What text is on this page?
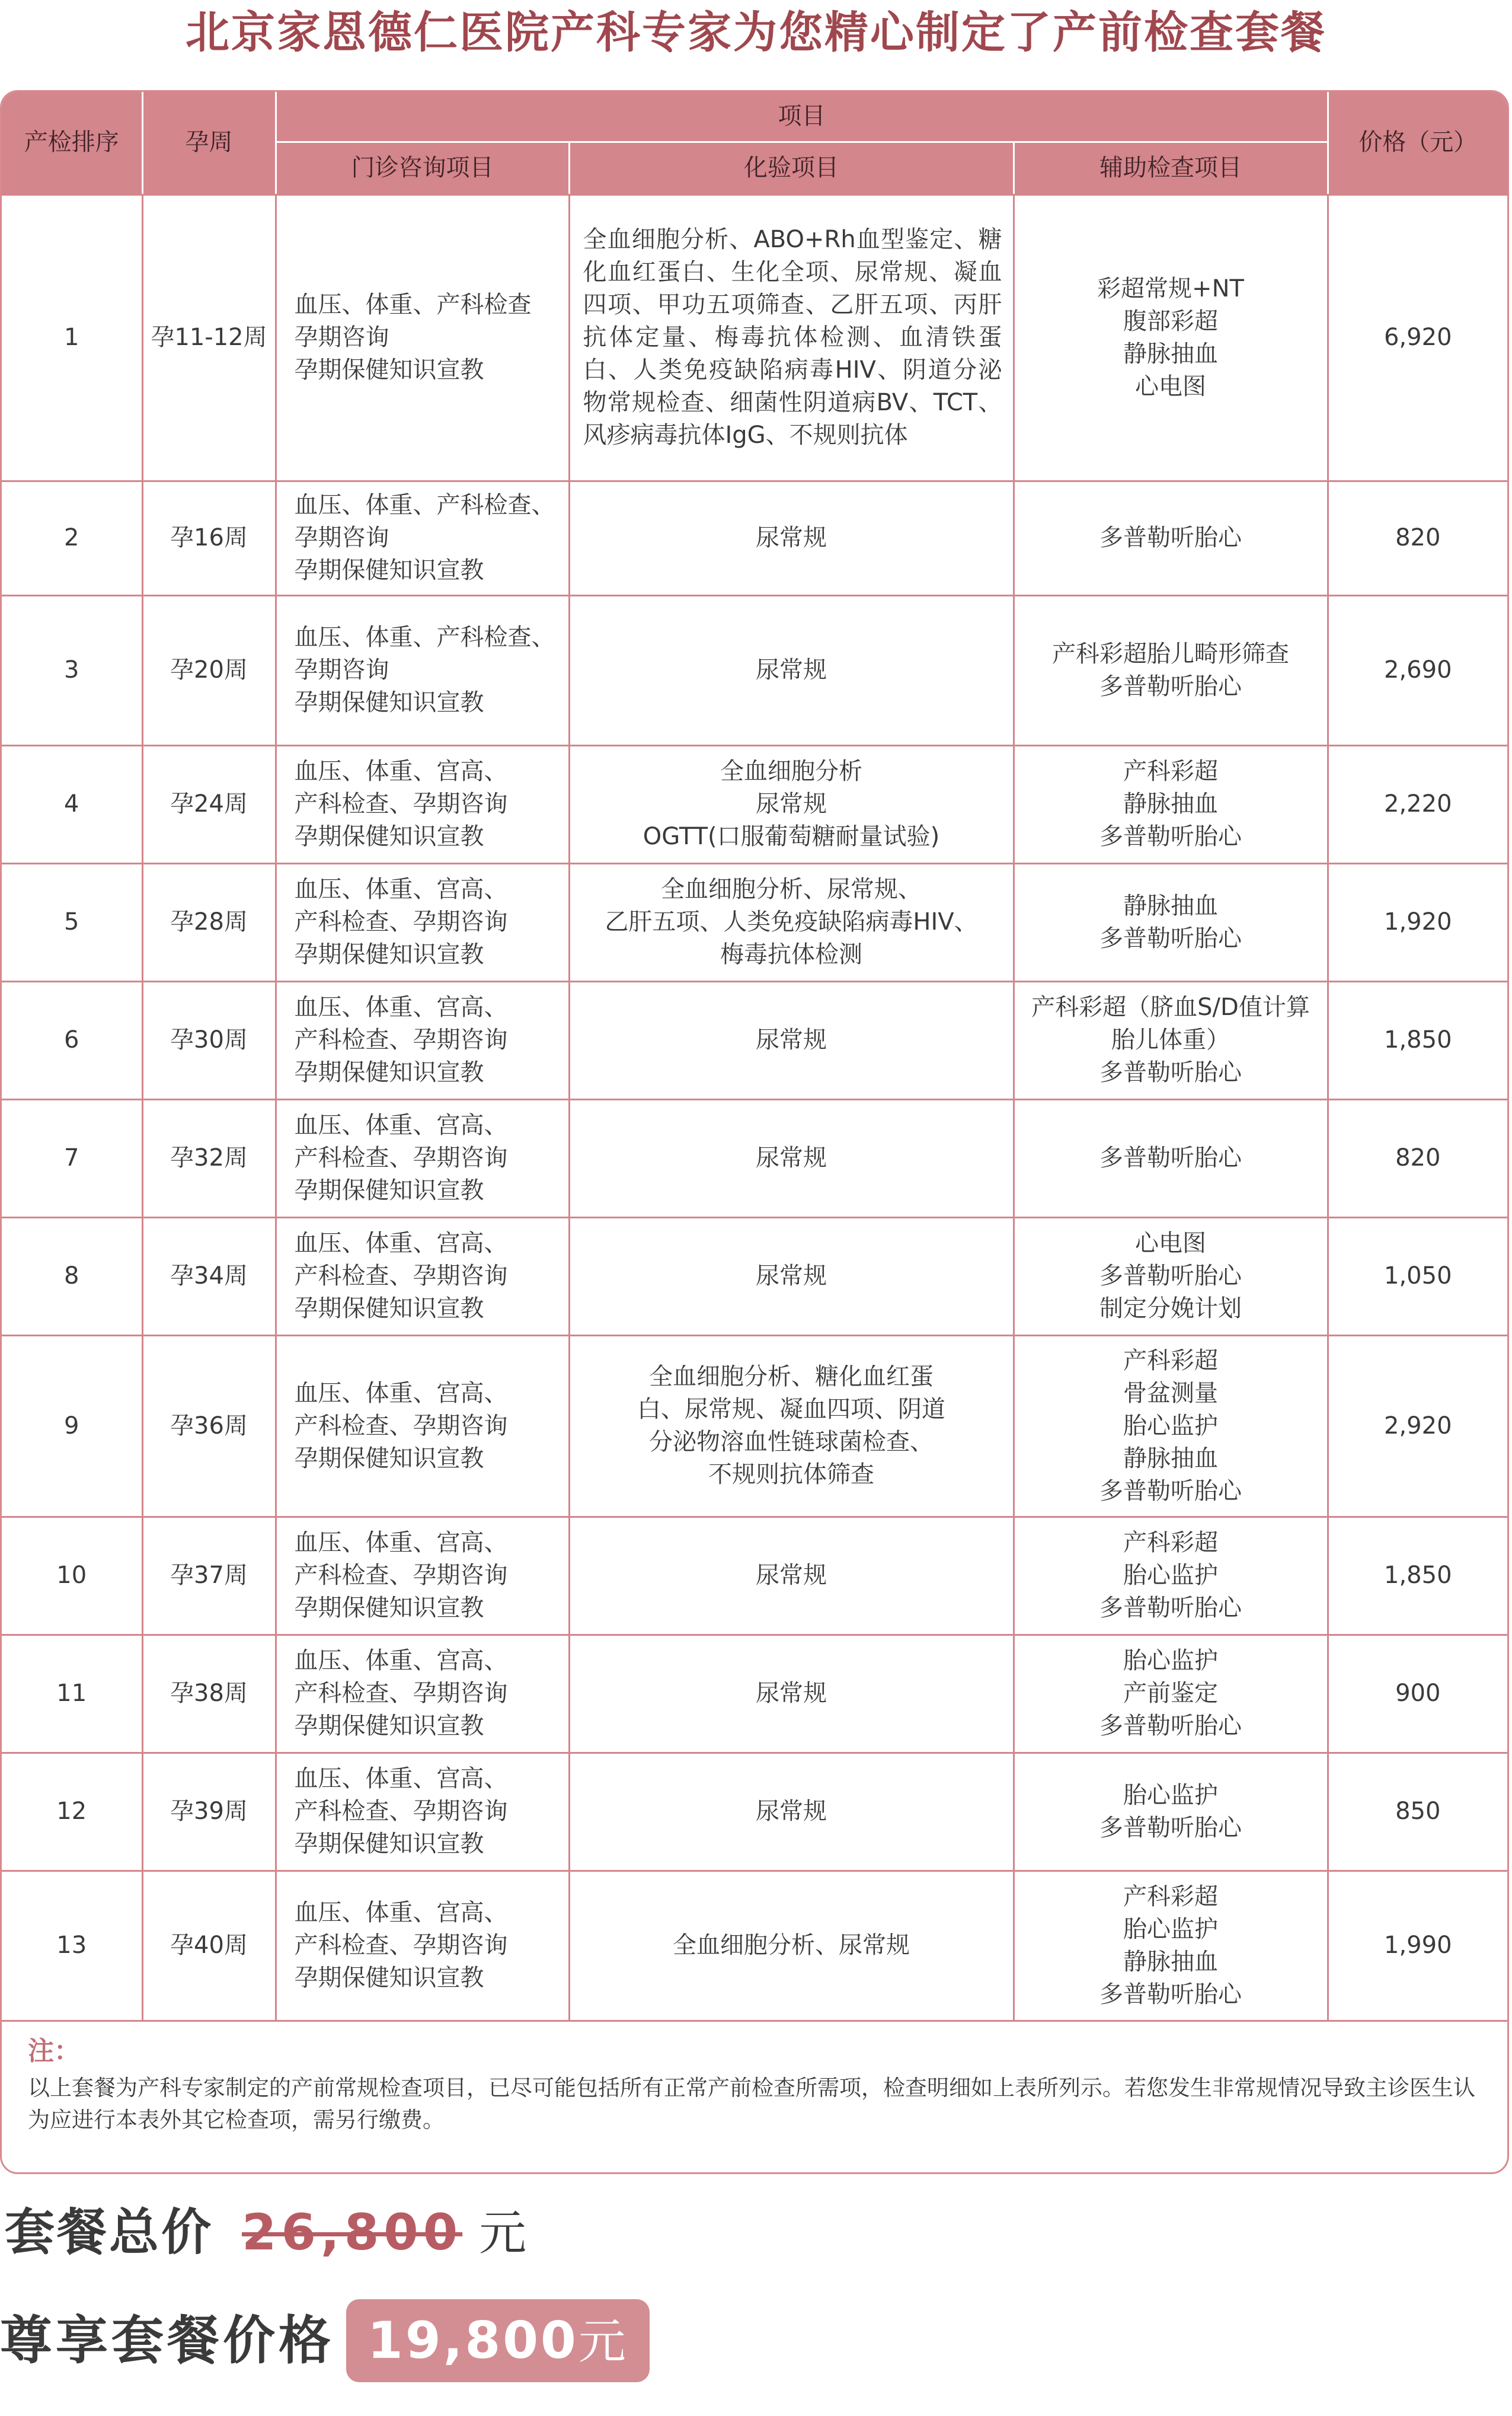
北京家恩德仁医院产科专家为您精心制定了产前检查套餐
产检排序	孕周	项目			价格（元）
		门诊咨询项目	化验项目	辅助检查项目	
1	孕11-12周	血压、体重、产科检查
孕期咨询
孕期保健知识宣教	全血细胞分析、ABO+Rh血型鉴定、糖化血红蛋白、生化全项、尿常规、凝血四项、甲功五项筛查、乙肝五项、丙肝抗体定量、梅毒抗体检测、血清铁蛋白、人类免疫缺陷病毒HIV、阴道分泌物常规检查、细菌性阴道病BV、TCT、风疹病毒抗体IgG、不规则抗体	彩超常规+NT
腹部彩超
静脉抽血
心电图	6,920
2	孕16周	血压、体重、产科检查、
孕期咨询
孕期保健知识宣教	尿常规	多普勒听胎心	820
3	孕20周	血压、体重、产科检查、
孕期咨询
孕期保健知识宣教	尿常规	产科彩超胎儿畸形筛查
多普勒听胎心	2,690
4	孕24周	血压、体重、宫高、
产科检查、孕期咨询
孕期保健知识宣教	全血细胞分析
尿常规
OGTT(口服葡萄糖耐量试验)	产科彩超
静脉抽血
多普勒听胎心	2,220
5	孕28周	血压、体重、宫高、
产科检查、孕期咨询
孕期保健知识宣教	全血细胞分析、尿常规、
乙肝五项、人类免疫缺陷病毒HIV、
梅毒抗体检测	静脉抽血
多普勒听胎心	1,920
6	孕30周	血压、体重、宫高、
产科检查、孕期咨询
孕期保健知识宣教	尿常规	产科彩超（脐血S/D值计算
胎儿体重）
多普勒听胎心	1,850
7	孕32周	血压、体重、宫高、
产科检查、孕期咨询
孕期保健知识宣教	尿常规	多普勒听胎心	820
8	孕34周	血压、体重、宫高、
产科检查、孕期咨询
孕期保健知识宣教	尿常规	心电图
多普勒听胎心
制定分娩计划	1,050
9	孕36周	血压、体重、宫高、
产科检查、孕期咨询
孕期保健知识宣教	全血细胞分析、糖化血红蛋
白、尿常规、凝血四项、阴道
分泌物溶血性链球菌检查、
不规则抗体筛查	产科彩超
骨盆测量
胎心监护
静脉抽血
多普勒听胎心	2,920
10	孕37周	血压、体重、宫高、
产科检查、孕期咨询
孕期保健知识宣教	尿常规	产科彩超
胎心监护
多普勒听胎心	1,850
11	孕38周	血压、体重、宫高、
产科检查、孕期咨询
孕期保健知识宣教	尿常规	胎心监护
产前鉴定
多普勒听胎心	900
12	孕39周	血压、体重、宫高、
产科检查、孕期咨询
孕期保健知识宣教	尿常规	胎心监护
多普勒听胎心	850
13	孕40周	血压、体重、宫高、
产科检查、孕期咨询
孕期保健知识宣教	全血细胞分析、尿常规	产科彩超
胎心监护
静脉抽血
多普勒听胎心	1,990
注：
以上套餐为产科专家制定的产前常规检查项目，已尽可能包括所有正常产前检查所需项，检查明细如上表所列示。若您发生非常规情况导致主诊医生认为应进行本表外其它检查项，需另行缴费。
套餐总价 26,800 元
尊享套餐价格 19,800元
